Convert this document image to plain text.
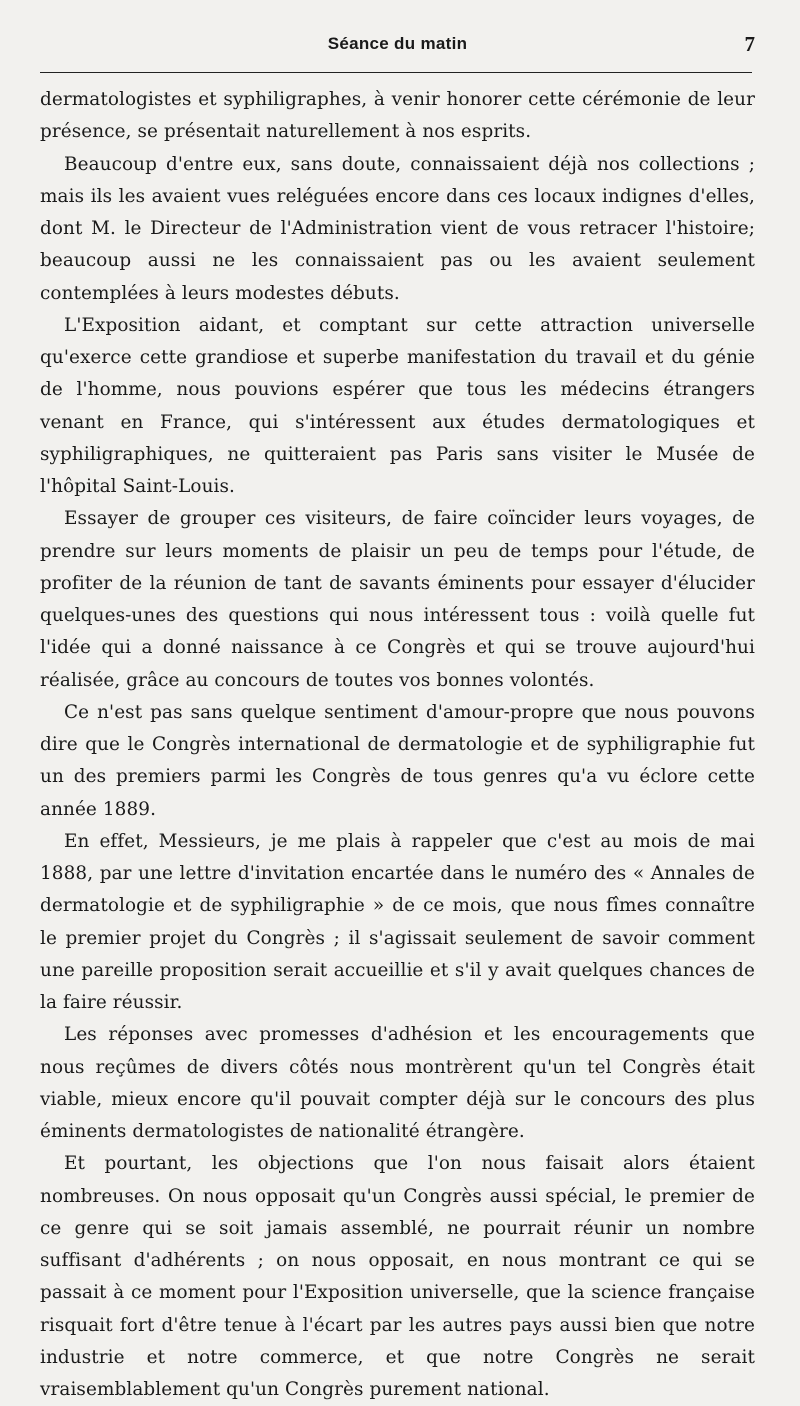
Séance du matin	7

dermatologistes et syphiligraphes, à venir honorer cette cérémonie de leur présence, se présentait naturellement à nos esprits.

Beaucoup d'entre eux, sans doute, connaissaient déjà nos collections ; mais ils les avaient vues reléguées encore dans ces locaux indignes d'elles, dont M. le Directeur de l'Administration vient de vous retracer l'histoire; beaucoup aussi ne les connaissaient pas ou les avaient seulement contemplées à leurs modestes débuts.

L'Exposition aidant, et comptant sur cette attraction universelle qu'exerce cette grandiose et superbe manifestation du travail et du génie de l'homme, nous pouvions espérer que tous les médecins étrangers venant en France, qui s'intéressent aux études dermatologiques et syphiligraphiques, ne quitteraient pas Paris sans visiter le Musée de l'hôpital Saint-Louis.

Essayer de grouper ces visiteurs, de faire coïncider leurs voyages, de prendre sur leurs moments de plaisir un peu de temps pour l'étude, de profiter de la réunion de tant de savants éminents pour essayer d'élucider quelques-unes des questions qui nous intéressent tous : voilà quelle fut l'idée qui a donné naissance à ce Congrès et qui se trouve aujourd'hui réalisée, grâce au concours de toutes vos bonnes volontés.

Ce n'est pas sans quelque sentiment d'amour-propre que nous pouvons dire que le Congrès international de dermatologie et de syphiligraphie fut un des premiers parmi les Congrès de tous genres qu'a vu éclore cette année 1889.

En effet, Messieurs, je me plais à rappeler que c'est au mois de mai 1888, par une lettre d'invitation encartée dans le numéro des « Annales de dermatologie et de syphiligraphie » de ce mois, que nous fîmes connaître le premier projet du Congrès ; il s'agissait seulement de savoir comment une pareille proposition serait accueillie et s'il y avait quelques chances de la faire réussir.

Les réponses avec promesses d'adhésion et les encouragements que nous reçûmes de divers côtés nous montrèrent qu'un tel Congrès était viable, mieux encore qu'il pouvait compter déjà sur le concours des plus éminents dermatologistes de nationalité étrangère.

Et pourtant, les objections que l'on nous faisait alors étaient nombreuses. On nous opposait qu'un Congrès aussi spécial, le premier de ce genre qui se soit jamais assemblé, ne pourrait réunir un nombre suffisant d'adhérents ; on nous opposait, en nous montrant ce qui se passait à ce moment pour l'Exposition universelle, que la science française risquait fort d'être tenue à l'écart par les autres pays aussi bien que notre industrie et notre commerce, et que notre Congrès ne serait vraisemblablement qu'un Congrès purement national.
